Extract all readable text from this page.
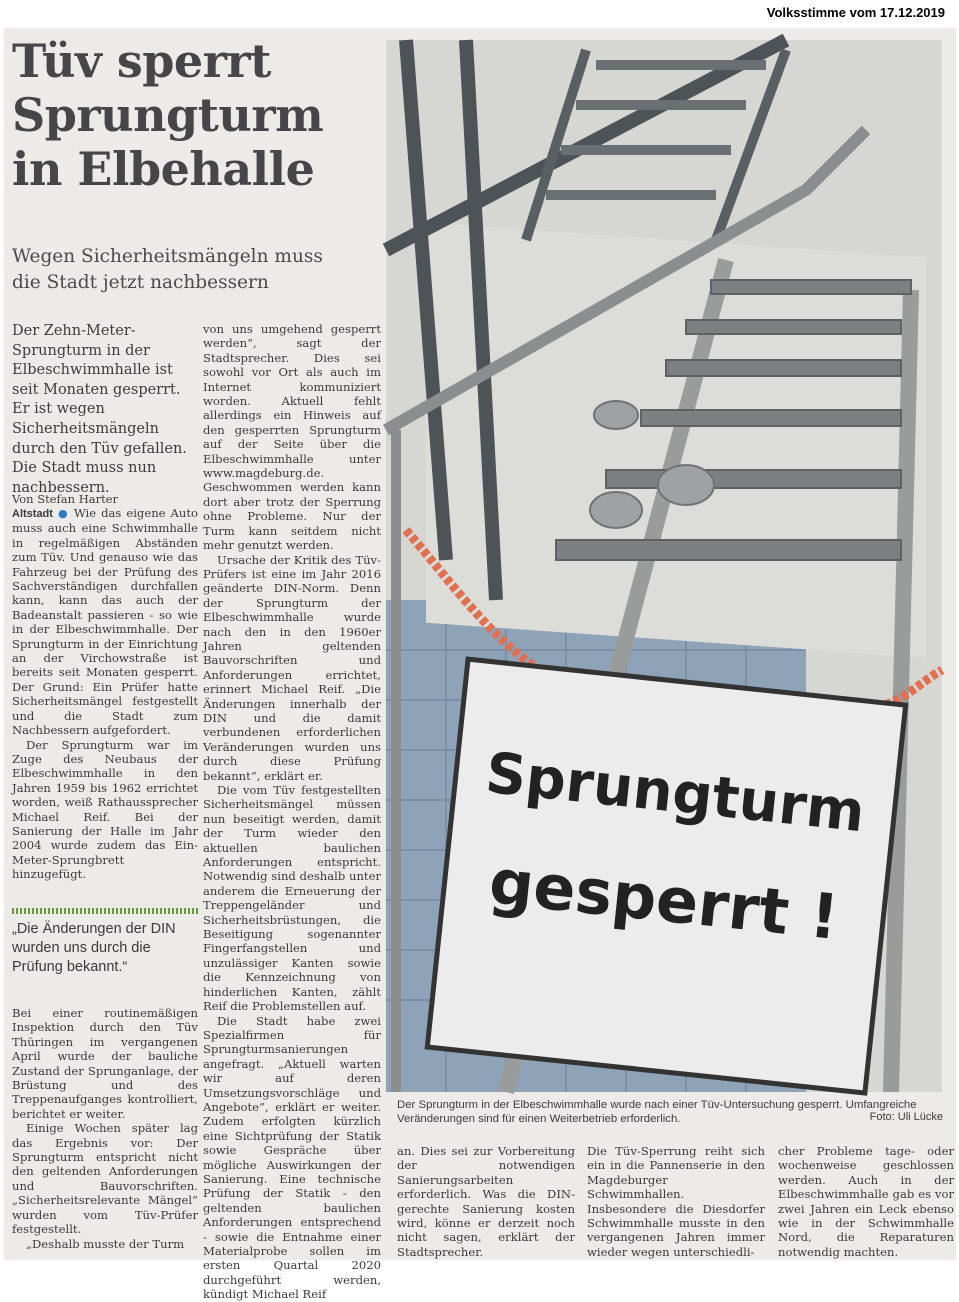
Volksstimme vom 17.12.2019
Tüv sperrt
Sprungturm
in Elbehalle
Wegen Sicherheitsmängeln muss
die Stadt jetzt nachbessern
Der Zehn-Meter-Sprungturm in der Elbeschwimmhalle ist seit Monaten gesperrt. Er ist wegen Sicherheitsmängeln durch den Tüv gefallen. Die Stadt muss nun nachbessern.
Von Stefan Harter

Altstadt ● Wie das eigene Auto muss auch eine Schwimmhalle in regelmäßigen Abständen zum Tüv. Und genauso wie das Fahrzeug bei der Prüfung des Sachverständigen durchfallen kann, kann das auch der Badeanstalt passieren - so wie in der Elbeschwimmhalle. Der Sprungturm in der Einrichtung an der Virchowstraße ist bereits seit Monaten gesperrt. Der Grund: Ein Prüfer hatte Sicherheitsmängel festgestellt und die Stadt zum Nachbessern aufgefordert.

Der Sprungturm war im Zuge des Neubaus der Elbeschwimmhalle in den Jahren 1959 bis 1962 errichtet worden, weiß Rathaussprecher Michael Reif. Bei der Sanierung der Halle im Jahr 2004 wurde zudem das Ein-Meter-Sprungbrett hinzugefügt.

„Die Änderungen der DIN wurden uns durch die Prüfung bekannt.“

Bei einer routinemäßigen Inspektion durch den Tüv Thüringen im vergangenen April wurde der bauliche Zustand der Sprunganlage, der Brüstung und des Treppenaufganges kontrolliert, berichtet er weiter.

Einige Wochen später lag das Ergebnis vor: Der Sprungturm entspricht nicht den geltenden Anforderungen und Bauvorschriften. „Sicherheitsrelevante Mängel“ wurden vom Tüv-Prüfer festgestellt.

„Deshalb musste der Turm

von uns umgehend gesperrt werden“, sagt der Stadtsprecher. Dies sei sowohl vor Ort als auch im Internet kommuniziert worden. Aktuell fehlt allerdings ein Hinweis auf den gesperrten Sprungturm auf der Seite über die Elbeschwimmhalle unter www.magdeburg.de. Geschwommen werden kann dort aber trotz der Sperrung ohne Probleme. Nur der Turm kann seitdem nicht mehr genutzt werden.

Ursache der Kritik des Tüv-Prüfers ist eine im Jahr 2016 geänderte DIN-Norm. Denn der Sprungturm der Elbeschwimmhalle wurde nach den in den 1960er Jahren geltenden Bauvorschriften und Anforderungen errichtet, erinnert Michael Reif. „Die Änderungen innerhalb der DIN und die damit verbundenen erforderlichen Veränderungen wurden uns durch diese Prüfung bekannt“, erklärt er.

Die vom Tüv festgestellten Sicherheitsmängel müssen nun beseitigt werden, damit der Turm wieder den aktuellen baulichen Anforderungen entspricht. Notwendig sind deshalb unter anderem die Erneuerung der Treppengeländer und Sicherheitsbrüstungen, die Beseitigung sogenannter Fingerfangstellen und unzulässiger Kanten sowie die Kennzeichnung von hinderlichen Kanten, zählt Reif die Problemstellen auf.

Die Stadt habe zwei Spezialfirmen für Sprungturmsanierungen angefragt. „Aktuell warten wir auf deren Umsetzungsvorschläge und Angebote“, erklärt er weiter. Zudem erfolgten kürzlich eine Sichtprüfung der Statik sowie Gespräche über mögliche Auswirkungen der Sanierung. Eine technische Prüfung der Statik - den geltenden baulichen Anforderungen entsprechend - sowie die Entnahme einer Materialprobe sollen im ersten Quartal 2020 durchgeführt werden, kündigt Michael Reif

Sprungturm
gesperrt !
Der Sprungturm in der Elbeschwimmhalle wurde nach einer Tüv-Untersuchung gesperrt. Umfangreiche Veränderungen sind für einen Weiterbetrieb erforderlich.	Foto: Uli Lücke
an. Dies sei zur Vorbereitung der notwendigen Sanierungsarbeiten erforderlich. Was die DIN-gerechte Sanierung kosten wird, könne er derzeit noch nicht sagen, erklärt der Stadtsprecher.
Die Tüv-Sperrung reiht sich ein in die Pannenserie in den Magdeburger Schwimmhallen. Insbesondere die Diesdorfer Schwimmhalle musste in den vergangenen Jahren immer wieder wegen unterschiedli-
cher Probleme tage- oder wochenweise geschlossen werden. Auch in der Elbeschwimmhalle gab es vor zwei Jahren ein Leck ebenso wie in der Schwimmhalle Nord, die Reparaturen notwendig machten.
